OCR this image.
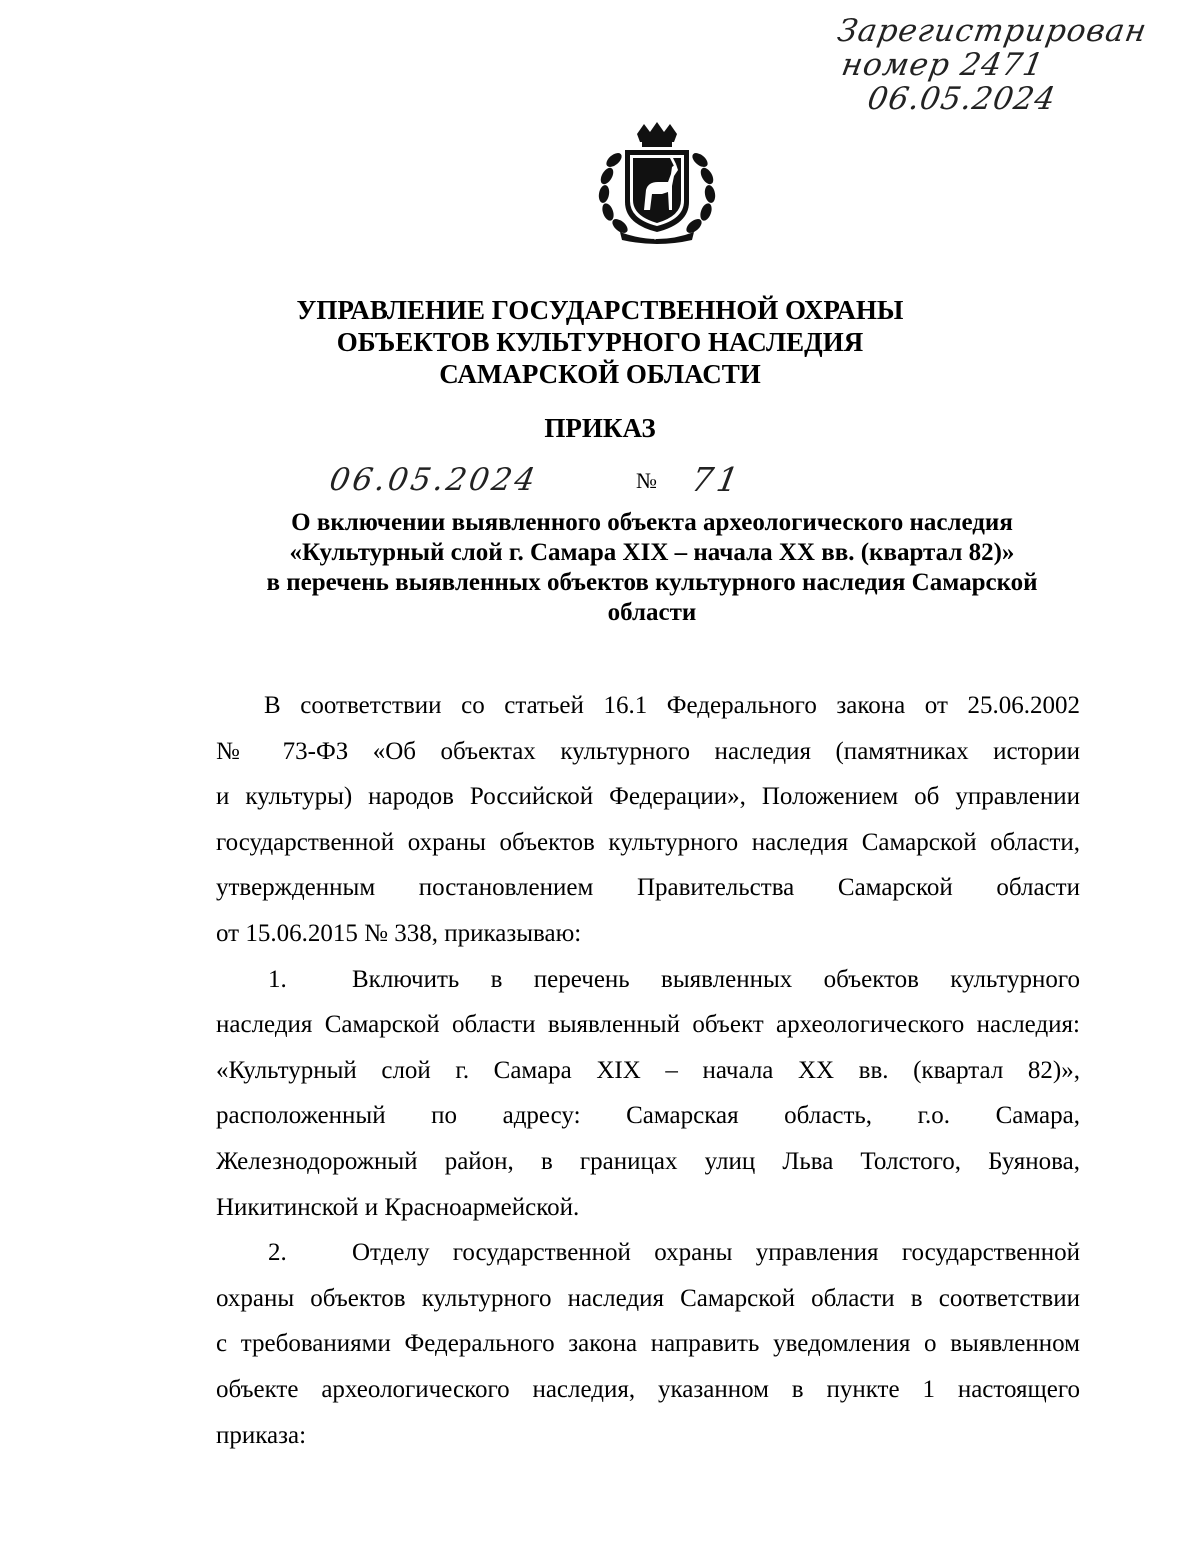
Зарегистрирован
номер 2471
06.05.2024
I
УПРАВЛЕНИЕ ГОСУДАРСТВЕННОЙ ОХРАНЫ
ОБЪЕКТОВ КУЛЬТУРНОГО НАСЛЕДИЯ
САМАРСКОЙ ОБЛАСТИ
ПРИКАЗ
06.05.2024	№ 71
О включении выявленного объекта археологического наследия
«Культурный слой г. Самара XIX – начала XX вв. (квартал 82)»
в перечень выявленных объектов культурного наследия Самарской
области
В соответствии со статьей 16.1 Федерального закона от 25.06.2002
№ 73-ФЗ «Об объектах культурного наследия (памятниках истории
и культуры) народов Российской Федерации», Положением об управлении
государственной охраны объектов культурного наследия Самарской области,
утвержденным постановлением Правительства Самарской области
от 15.06.2015 № 338, приказываю:
1.	Включить в перечень выявленных объектов культурного
наследия Самарской области выявленный объект археологического наследия:
«Культурный слой г. Самара XIX – начала XX вв. (квартал 82)»,
расположенный по адресу: Самарская область, г.о. Самара,
Железнодорожный район, в границах улиц Льва Толстого, Буянова,
Никитинской и Красноармейской.
2.	Отделу государственной охраны управления государственной
охраны объектов культурного наследия Самарской области в соответствии
с требованиями Федерального закона направить уведомления о выявленном
объекте археологического наследия, указанном в пункте 1 настоящего
приказа:
